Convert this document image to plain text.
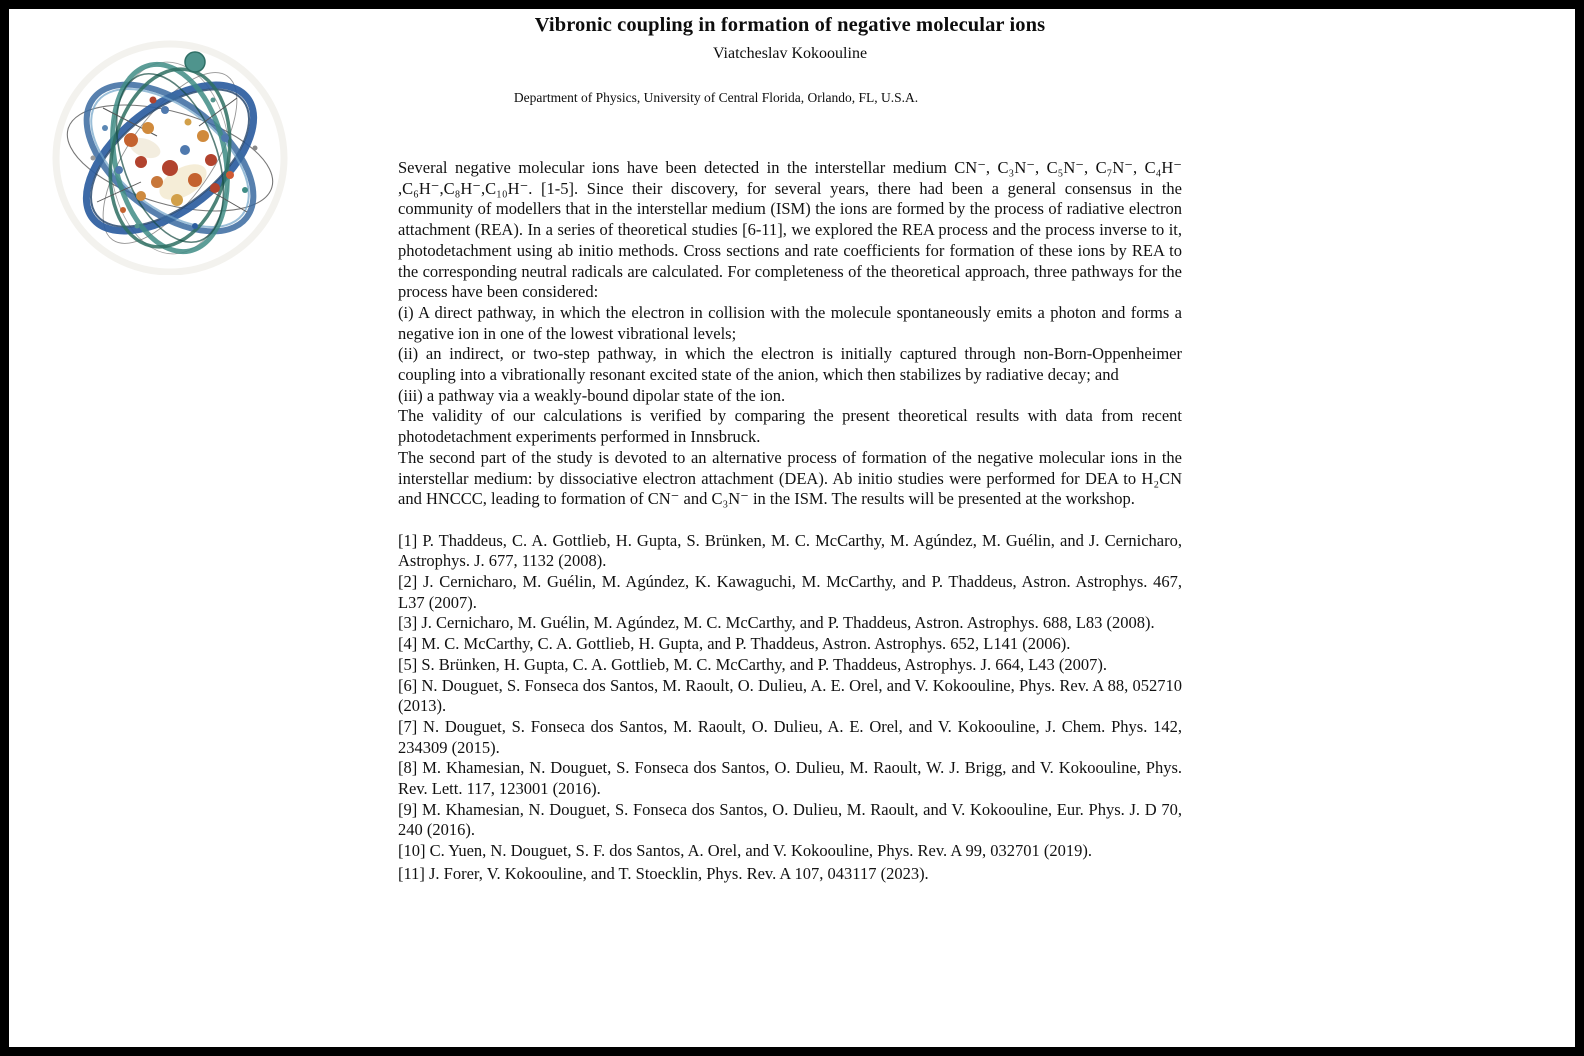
Vibronic coupling in formation of negative molecular ions
Viatcheslav Kokoouline
Department of Physics, University of Central Florida, Orlando, FL, U.S.A.

Several negative molecular ions have been detected in the interstellar medium CN⁻, C₃N⁻, C₅N⁻, C₇N⁻, C₄H⁻ ,C₆H⁻,C₈H⁻,C₁₀H⁻. [1-5]. Since their discovery, for several years, there had been a general consensus in the community of modellers that in the interstellar medium (ISM) the ions are formed by the process of radiative electron attachment (REA). In a series of theoretical studies [6-11], we explored the REA process and the process inverse to it, photodetachment using ab initio methods. Cross sections and rate coefficients for formation of these ions by REA to the corresponding neutral radicals are calculated. For completeness of the theoretical approach, three pathways for the process have been considered:

(i) A direct pathway, in which the electron in collision with the molecule spontaneously emits a photon and forms a negative ion in one of the lowest vibrational levels;

(ii) an indirect, or two-step pathway, in which the electron is initially captured through non-Born-Oppenheimer coupling into a vibrationally resonant excited state of the anion, which then stabilizes by radiative decay; and

(iii) a pathway via a weakly-bound dipolar state of the ion.

The validity of our calculations is verified by comparing the present theoretical results with data from recent photodetachment experiments performed in Innsbruck.

The second part of the study is devoted to an alternative process of formation of the negative molecular ions in the interstellar medium: by dissociative electron attachment (DEA). Ab initio studies were performed for DEA to H₂CN and HNCCC, leading to formation of CN⁻ and C₃N⁻ in the ISM. The results will be presented at the workshop.

[1] P. Thaddeus, C. A. Gottlieb, H. Gupta, S. Brünken, M. C. McCarthy, M. Agúndez, M. Guélin, and J. Cernicharo, Astrophys. J. 677, 1132 (2008).

[2] J. Cernicharo, M. Guélin, M. Agúndez, K. Kawaguchi, M. McCarthy, and P. Thaddeus, Astron. Astrophys. 467, L37 (2007).

[3] J. Cernicharo, M. Guélin, M. Agúndez, M. C. McCarthy, and P. Thaddeus, Astron. Astrophys. 688, L83 (2008).

[4] M. C. McCarthy, C. A. Gottlieb, H. Gupta, and P. Thaddeus, Astron. Astrophys. 652, L141 (2006).

[5] S. Brünken, H. Gupta, C. A. Gottlieb, M. C. McCarthy, and P. Thaddeus, Astrophys. J. 664, L43 (2007).

[6] N. Douguet, S. Fonseca dos Santos, M. Raoult, O. Dulieu, A. E. Orel, and V. Kokoouline, Phys. Rev. A 88, 052710 (2013).

[7] N. Douguet, S. Fonseca dos Santos, M. Raoult, O. Dulieu, A. E. Orel, and V. Kokoouline, J. Chem. Phys. 142, 234309 (2015).

[8] M. Khamesian, N. Douguet, S. Fonseca dos Santos, O. Dulieu, M. Raoult, W. J. Brigg, and V. Kokoouline, Phys. Rev. Lett. 117, 123001 (2016).

[9] M. Khamesian, N. Douguet, S. Fonseca dos Santos, O. Dulieu, M. Raoult, and V. Kokoouline, Eur. Phys. J. D 70, 240 (2016).

[10] C. Yuen, N. Douguet, S. F. dos Santos, A. Orel, and V. Kokoouline, Phys. Rev. A 99, 032701 (2019).

[11] J. Forer, V. Kokoouline, and T. Stoecklin, Phys. Rev. A 107, 043117 (2023).
